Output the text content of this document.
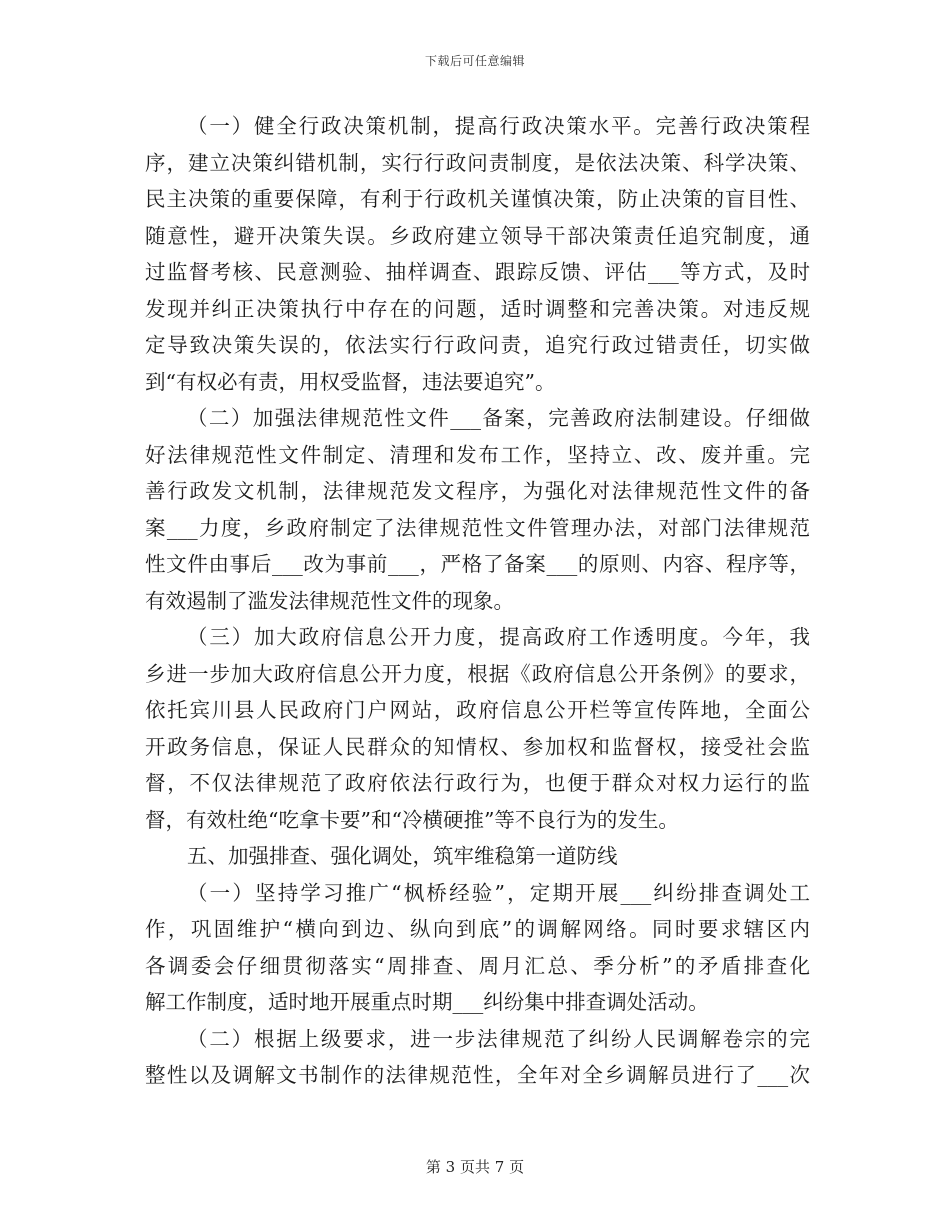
下载后可任意编辑
（一）健全行政决策机制，提高行政决策水平。完善行政决策程
序，建立决策纠错机制，实行行政问责制度，是依法决策、科学决策、
民主决策的重要保障，有利于行政机关谨慎决策，防止决策的盲目性、
随意性，避开决策失误。乡政府建立领导干部决策责任追究制度，通
过监督考核、民意测验、抽样调查、跟踪反馈、评估___等方式，及时
发现并纠正决策执行中存在的问题，适时调整和完善决策。对违反规
定导致决策失误的，依法实行行政问责，追究行政过错责任，切实做
到“有权必有责，用权受监督，违法要追究”。
（二）加强法律规范性文件___备案，完善政府法制建设。仔细做
好法律规范性文件制定、清理和发布工作，坚持立、改、废并重。完
善行政发文机制，法律规范发文程序，为强化对法律规范性文件的备
案___力度，乡政府制定了法律规范性文件管理办法，对部门法律规范
性文件由事后___改为事前___，严格了备案___的原则、内容、程序等，
有效遏制了滥发法律规范性文件的现象。
（三）加大政府信息公开力度，提高政府工作透明度。今年，我
乡进一步加大政府信息公开力度，根据《政府信息公开条例》的要求，
依托宾川县人民政府门户网站，政府信息公开栏等宣传阵地，全面公
开政务信息，保证人民群众的知情权、参加权和监督权，接受社会监
督，不仅法律规范了政府依法行政行为，也便于群众对权力运行的监
督，有效杜绝“吃拿卡要”和“冷横硬推”等不良行为的发生。
五、加强排查、强化调处，筑牢维稳第一道防线
（一）坚持学习推广“枫桥经验”，定期开展___纠纷排查调处工
作，巩固维护“横向到边、纵向到底”的调解网络。同时要求辖区内
各调委会仔细贯彻落实“周排查、周月汇总、季分析”的矛盾排查化
解工作制度，适时地开展重点时期___纠纷集中排查调处活动。
（二）根据上级要求，进一步法律规范了纠纷人民调解卷宗的完
整性以及调解文书制作的法律规范性，全年对全乡调解员进行了___次
第 3 页共 7 页
